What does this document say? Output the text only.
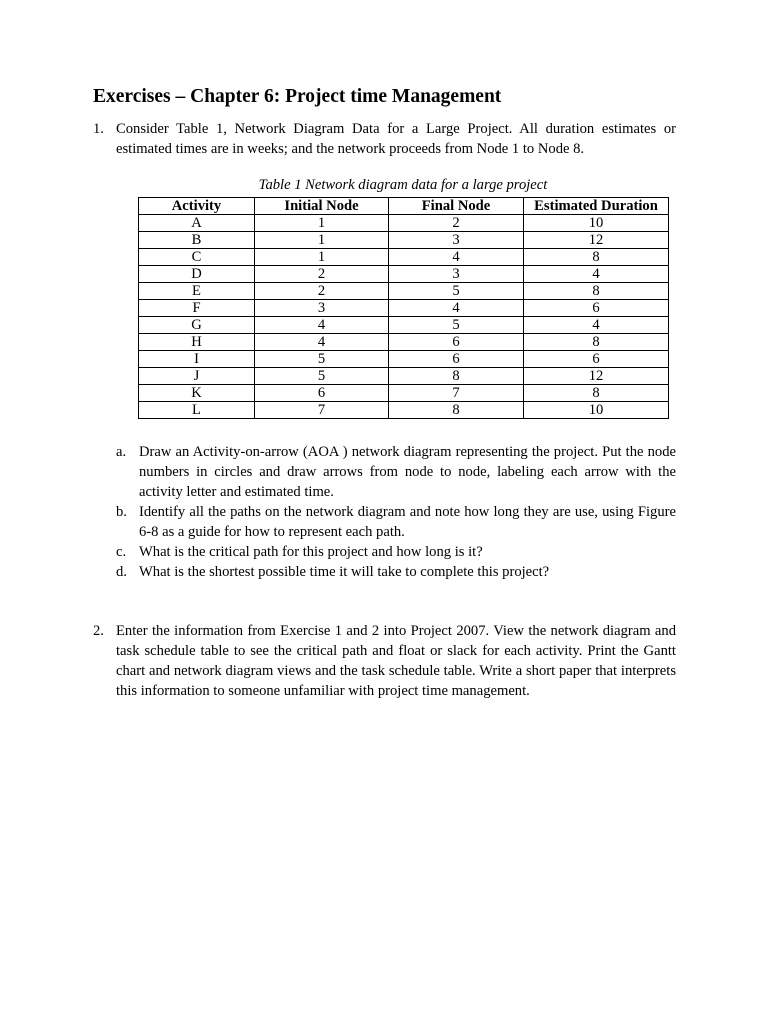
Exercises – Chapter 6: Project time Management
1. Consider Table 1, Network Diagram Data for a Large Project. All duration estimates or estimated times are in weeks; and the network proceeds from Node 1 to Node 8.
Table 1 Network diagram data for a large project
Activity	Initial Node	Final Node	Estimated Duration
A	1	2	10
B	1	3	12
C	1	4	8
D	2	3	4
E	2	5	8
F	3	4	6
G	4	5	4
H	4	6	8
I	5	6	6
J	5	8	12
K	6	7	8
L	7	8	10
a. Draw an Activity-on-arrow (AOA ) network diagram representing the project. Put the node numbers in circles and draw arrows from node to node, labeling each arrow with the activity letter and estimated time.
b. Identify all the paths on the network diagram and note how long they are use, using Figure 6-8 as a guide for how to represent each path.
c. What is the critical path for this project and how long is it?
d. What is the shortest possible time it will take to complete this project?
2. Enter the information from Exercise 1 and 2 into Project 2007. View the network diagram and task schedule table to see the critical path and float or slack for each activity. Print the Gantt chart and network diagram views and the task schedule table. Write a short paper that interprets this information to someone unfamiliar with project time management.
